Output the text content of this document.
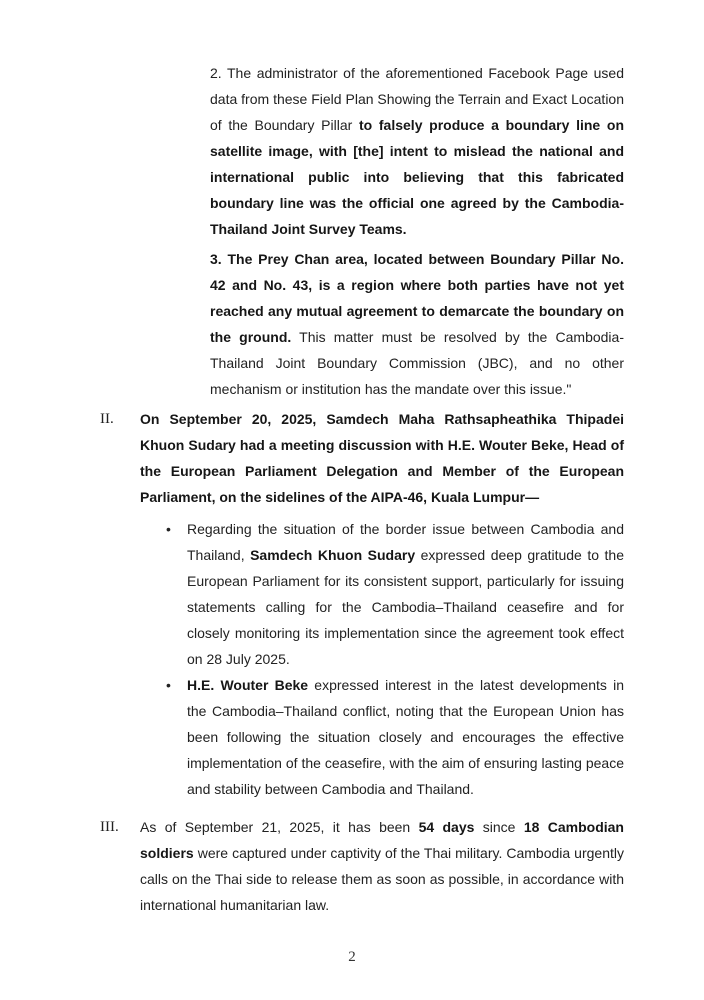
2. The administrator of the aforementioned Facebook Page used data from these Field Plan Showing the Terrain and Exact Location of the Boundary Pillar to falsely produce a boundary line on satellite image, with [the] intent to mislead the national and international public into believing that this fabricated boundary line was the official one agreed by the Cambodia-Thailand Joint Survey Teams.

3. The Prey Chan area, located between Boundary Pillar No. 42 and No. 43, is a region where both parties have not yet reached any mutual agreement to demarcate the boundary on the ground. This matter must be resolved by the Cambodia-Thailand Joint Boundary Commission (JBC), and no other mechanism or institution has the mandate over this issue."

II. On September 20, 2025, Samdech Maha Rathsapheathika Thipadei Khuon Sudary had a meeting discussion with H.E. Wouter Beke, Head of the European Parliament Delegation and Member of the European Parliament, on the sidelines of the AIPA-46, Kuala Lumpur—
• Regarding the situation of the border issue between Cambodia and Thailand, Samdech Khuon Sudary expressed deep gratitude to the European Parliament for its consistent support, particularly for issuing statements calling for the Cambodia–Thailand ceasefire and for closely monitoring its implementation since the agreement took effect on 28 July 2025.
• H.E. Wouter Beke expressed interest in the latest developments in the Cambodia–Thailand conflict, noting that the European Union has been following the situation closely and encourages the effective implementation of the ceasefire, with the aim of ensuring lasting peace and stability between Cambodia and Thailand.
III. As of September 21, 2025, it has been 54 days since 18 Cambodian soldiers were captured under captivity of the Thai military. Cambodia urgently calls on the Thai side to release them as soon as possible, in accordance with international humanitarian law.
2
